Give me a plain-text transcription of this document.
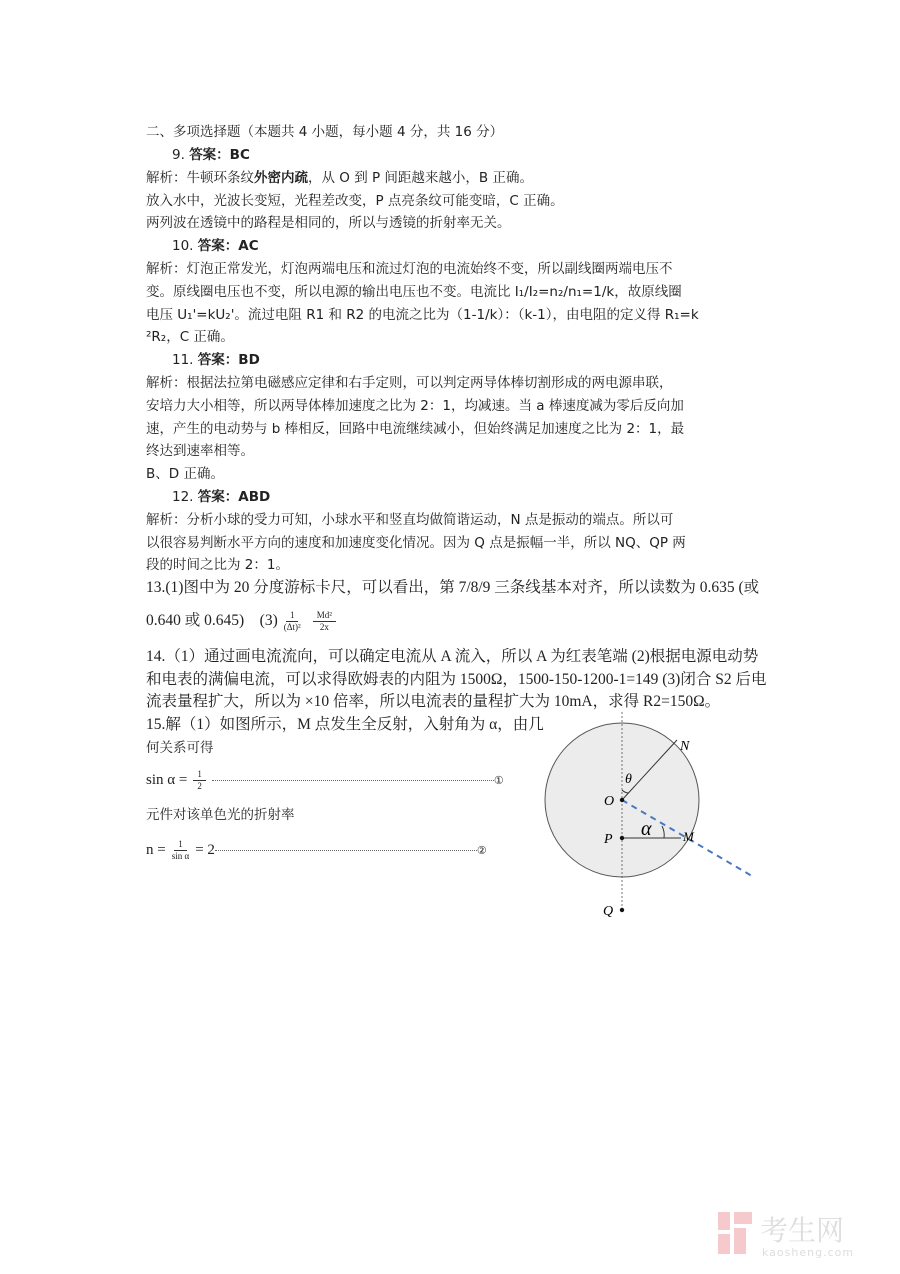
二、多项选择题（本题共 4 小题，每小题 4 分，共 16 分）
9. 答案：BC
解析：牛顿环条纹外密内疏，从 O 到 P 间距越来越小，B 正确。
放入水中，光波长变短，光程差改变，P 点亮条纹可能变暗，C 正确。
两列波在透镜中的路程是相同的，所以与透镜的折射率无关。
10. 答案：AC
解析：灯泡正常发光，灯泡两端电压和流过灯泡的电流始终不变，所以副线圈两端电压不
变。原线圈电压也不变，所以电源的输出电压也不变。电流比 I₁/I₂=n₂/n₁=1/k，故原线圈
电压 U₁'=kU₂'。流过电阻 R1 和 R2 的电流之比为（1-1/k）：（k-1），由电阻的定义得 R₁=k
²R₂，C 正确。
11. 答案：BD
解析：根据法拉第电磁感应定律和右手定则，可以判定两导体棒切割形成的两电源串联，
安培力大小相等，所以两导体棒加速度之比为 2：1，均减速。当 a 棒速度减为零后反向加
速，产生的电动势与 b 棒相反，回路中电流继续减小，但始终满足加速度之比为 2：1，最
终达到速率相等。
B、D 正确。
12. 答案：ABD
解析：分析小球的受力可知，小球水平和竖直均做简谐运动，N 点是振动的端点。所以可
以很容易判断水平方向的速度和加速度变化情况。因为 Q 点是振幅一半，所以 NQ、QP 两
段的时间之比为 2：1。
13.(1)图中为 20 分度游标卡尺，可以看出，第 7/8/9 三条线基本对齐，所以读数为 0.635 (或
0.640 或 0.645)　$(3) \frac{1}{\text{(Δt)²}} \frac{\text{Md²}}{2x}$
14.（1）通过画电流流向，可以确定电流从 A 流入，所以 A 为红表笔端 (2)根据电源电动势
和电表的满偏电流，可以求得欧姆表的内阻为 1500Ω，1500-150-1200-1=149 (3)闭合 S2 后电
流表量程扩大，所以为 ×10 倍率，所以电流表的量程扩大为 10mA，求得 R2=150Ω。
15.解（1）如图所示，M 点发生全反射，入射角为 α，由几
何关系可得
$\sin \alpha = \frac{1}{2}$	①
元件对该单色光的折射率
$n = \frac{1}{\text{sin α}} = 2$	②
N
O
P
Q
M
θ
α
考生网
kaosheng.com
